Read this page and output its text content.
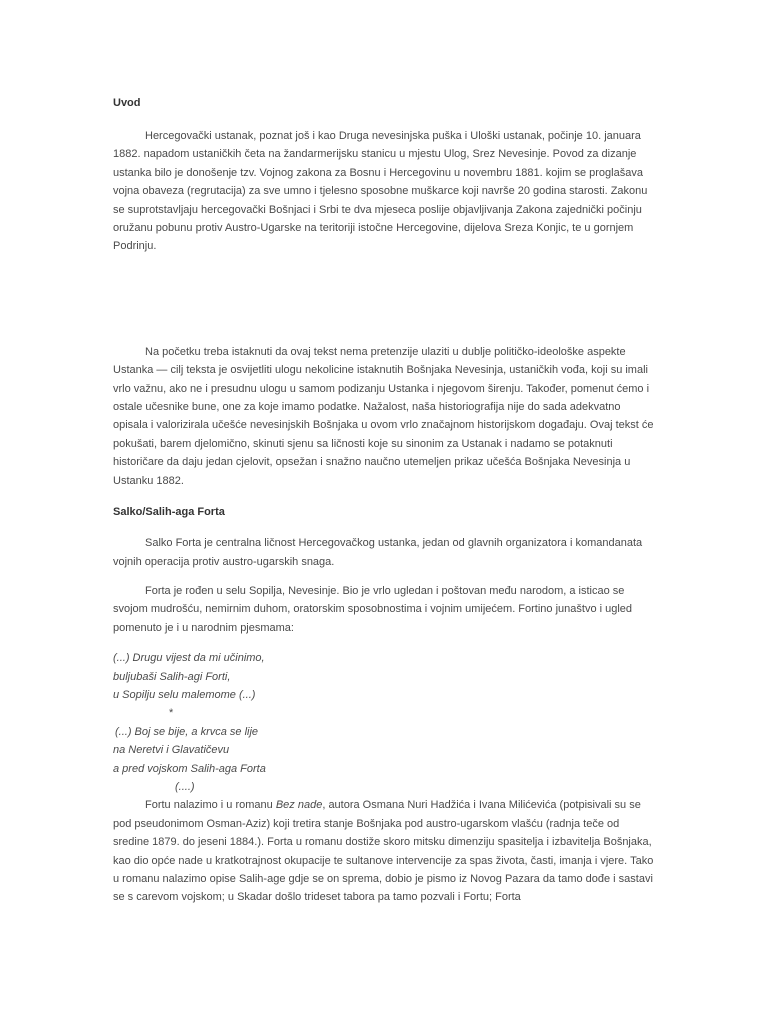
Uvod

Hercegovački ustanak, poznat još i kao Druga nevesinjska puška i Uloški ustanak, počinje 10. januara 1882. napadom ustaničkih četa na žandarmerijsku stanicu u mjestu Ulog, Srez Nevesinje. Povod za dizanje ustanka bilo je donošenje tzv. Vojnog zakona za Bosnu i Hercegovinu u novembru 1881. kojim se proglašava vojna obaveza (regrutacija) za sve umno i tjelesno sposobne muškarce koji navrše 20 godina starosti. Zakonu se suprotstavljaju hercegovački Bošnjaci i Srbi te dva mjeseca poslije objavljivanja Zakona zajednički počinju oružanu pobunu protiv Austro-Ugarske na teritoriji istočne Hercegovine, dijelova Sreza Konjic, te u gornjem Podrinju.

Na početku treba istaknuti da ovaj tekst nema pretenzije ulaziti u dublje političko-ideološke aspekte Ustanka — cilj teksta je osvijetliti ulogu nekolicine istaknutih Bošnjaka Nevesinja, ustaničkih vođa, koji su imali vrlo važnu, ako ne i presudnu ulogu u samom podizanju Ustanka i njegovom širenju. Također, pomenut ćemo i ostale učesnike bune, one za koje imamo podatke. Nažalost, naša historiografija nije do sada adekvatno opisala i valorizirala učešće nevesinjskih Bošnjaka u ovom vrlo značajnom historijskom događaju. Ovaj tekst će pokušati, barem djelomično, skinuti sjenu sa ličnosti koje su sinonim za Ustanak i nadamo se potaknuti historičare da daju jedan cjelovit, opsežan i snažno naučno utemeljen prikaz učešća Bošnjaka Nevesinja u Ustanku 1882.

Salko/Salih-aga Forta

Salko Forta je centralna ličnost Hercegovačkog ustanka, jedan od glavnih organizatora i komandanata vojnih operacija protiv austro-ugarskih snaga.

Forta je rođen u selu Sopilja, Nevesinje. Bio je vrlo ugledan i poštovan među narodom, a isticao se svojom mudrošću, nemirnim duhom, oratorskim sposobnostima i vojnim umijećem. Fortino junaštvo i ugled pomenuto je i u narodnim pjesmama:

(...) Drugu vijest da mi učinimo,
buljubaši Salih-agi Forti,
u Sopilju selu malemome (...)
*
(...) Boj se bije, a krvca se lije
na Neretvi i Glavatičevu
a pred vojskom Salih-aga Forta
(....)

Fortu nalazimo i u romanu Bez nade, autora Osmana Nuri Hadžića i Ivana Milićevića (potpisivali su se pod pseudonimom Osman-Aziz) koji tretira stanje Bošnjaka pod austro-ugarskom vlašću (radnja teče od sredine 1879. do jeseni 1884.). Forta u romanu dostiže skoro mitsku dimenziju spasitelja i izbavitelja Bošnjaka, kao dio opće nade u kratkotrajnost okupacije te sultanove intervencije za spas života, časti, imanja i vjere. Tako u romanu nalazimo opise Salih-age gdje se on sprema, dobio je pismo iz Novog Pazara da tamo dođe i sastavi se s carevom vojskom; u Skadar došlo trideset tabora pa tamo pozvali i Fortu; Forta
